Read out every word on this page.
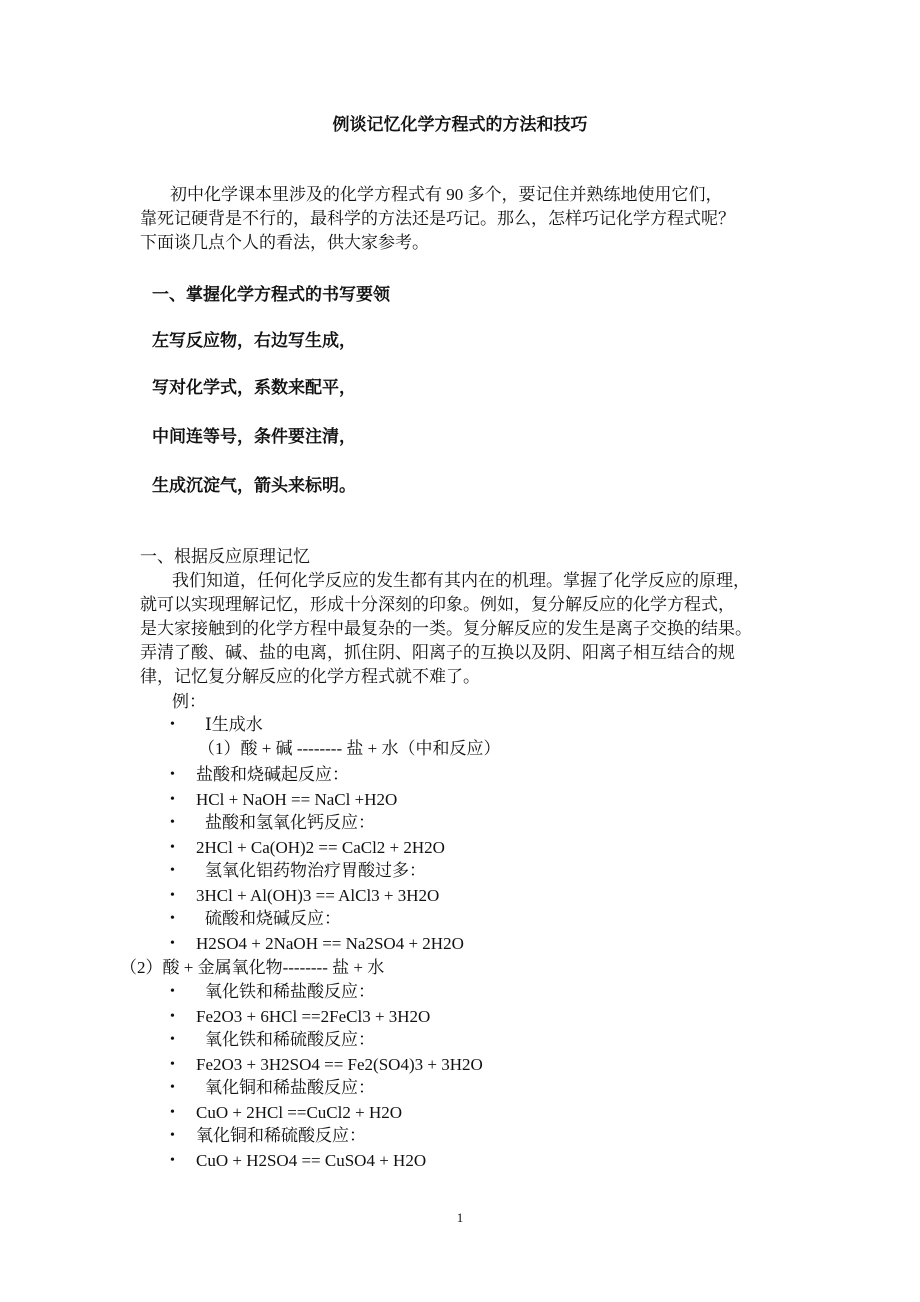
例谈记忆化学方程式的方法和技巧
初中化学课本里涉及的化学方程式有 90 多个，要记住并熟练地使用它们，
靠死记硬背是不行的，最科学的方法还是巧记。那么，怎样巧记化学方程式呢？
下面谈几点个人的看法，供大家参考。
一、掌握化学方程式的书写要领
左写反应物，右边写生成，
写对化学式，系数来配平，
中间连等号，条件要注清，
生成沉淀气，箭头来标明。
一、根据反应原理记忆
我们知道，任何化学反应的发生都有其内在的机理。掌握了化学反应的原理，
就可以实现理解记忆，形成十分深刻的印象。例如，复分解反应的化学方程式，
是大家接触到的化学方程中最复杂的一类。复分解反应的发生是离子交换的结果。
弄清了酸、碱、盐的电离，抓住阴、阳离子的互换以及阴、阳离子相互结合的规
律，记忆复分解反应的化学方程式就不难了。
例：
• Ⅰ生成水
（1）酸 + 碱 -------- 盐 + 水（中和反应）
• 盐酸和烧碱起反应：
• HCl + NaOH == NaCl +H2O
• 盐酸和氢氧化钙反应：
• 2HCl + Ca(OH)2 == CaCl2 + 2H2O
• 氢氧化铝药物治疗胃酸过多：
• 3HCl + Al(OH)3 == AlCl3 + 3H2O
• 硫酸和烧碱反应：
• H2SO4 + 2NaOH == Na2SO4 + 2H2O
（2）酸 + 金属氧化物-------- 盐 + 水
• 氧化铁和稀盐酸反应：
• Fe2O3 + 6HCl ==2FeCl3 + 3H2O
• 氧化铁和稀硫酸反应：
• Fe2O3 + 3H2SO4 == Fe2(SO4)3 + 3H2O
• 氧化铜和稀盐酸反应：
• CuO + 2HCl ==CuCl2 + H2O
• 氧化铜和稀硫酸反应：
• CuO + H2SO4 == CuSO4 + H2O
1
